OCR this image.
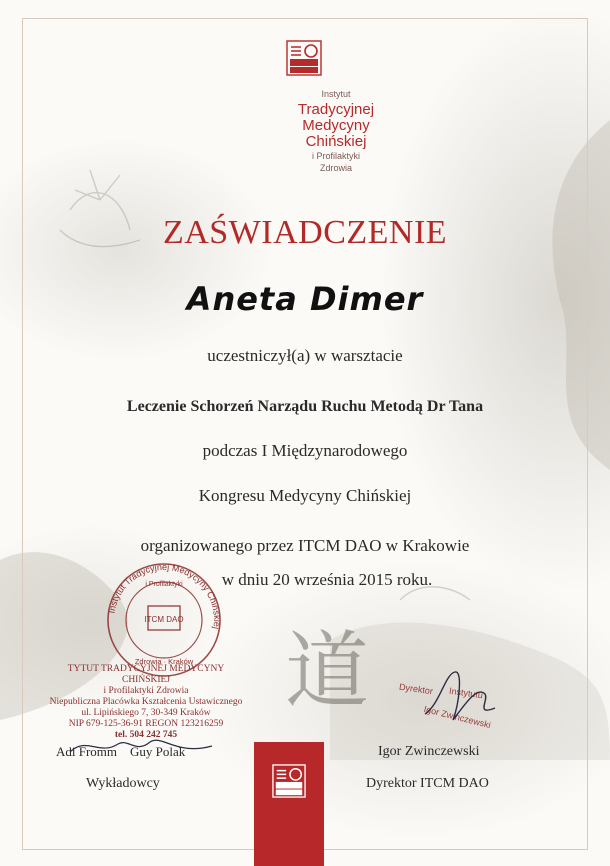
Instytut
Tradycyjnej
Medycyny
Chińskiej
i Profilaktyki
Zdrowia
ZAŚWIADCZENIE
Aneta Dimer
uczestniczył(a) w warsztacie
Leczenie Schorzeń Narządu Ruchu Metodą Dr Tana
podczas I Międzynarodowego
Kongresu Medycyny Chińskiej
organizowanego przez ITCM DAO w Krakowie
w dniu 20 września 2015 roku.
道
Instytut Tradycyjnej Medycyny Chińskiej
i Profilaktyki
ITCM DAO
Zdrowia · Kraków
TYTUT TRADYCYJNEJ MEDYCYNY CHIŃSKIEJ
i Profilaktyki Zdrowia
Niepubliczna Placówka Kształcenia Ustawicznego
ul. Lipińskiego 7, 30-349 Kraków
NIP 679-125-36-91 REGON 123216259
tel. 504 242 745
Dyrektor Instytutu
Igor Zwinczewski
Adi Fromm    Guy Polak
Wykładowcy
Igor Zwinczewski
Dyrektor ITCM DAO
